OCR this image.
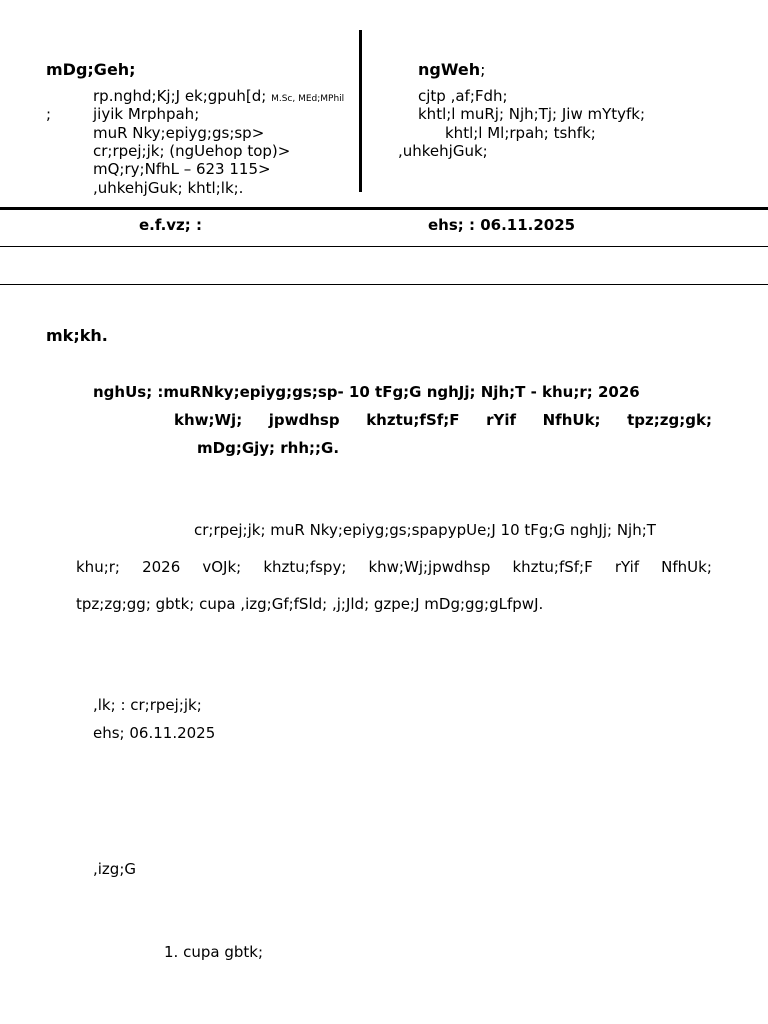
mDg;Geh;
rp.nghd;Kj;J ek;gpuh[d; M.Sc, MEd;MPhil
;	jiyik Mrphpah;
muR Nky;epiyg;gs;sp>
cr;rpej;jk; (ngUehop top)>
mQ;ry;NfhL – 623 115>
,uhkehjGuk; khtl;lk;.
ngWeh;
cjtp ,af;Fdh;
khtl;l muRj; Njh;Tj; Jiw mYtyfk;
khtl;l Ml;rpah; tshfk;
,uhkehjGuk;
e.f.vz; :	ehs; : 06.11.2025
mk;kh.
nghUs; :muRNky;epiyg;gs;sp- 10 tFg;G nghJj; Njh;T - khu;r; 2026
khw;Wj; jpwdhsp khztu;fSf;F rYif NfhUk; tpz;zg;gk;
mDg;Gjy; rhh;;G.
cr;rpej;jk; muR Nky;epiyg;gs;spapypUe;J 10 tFg;G nghJj; Njh;T
khu;r; 2026 vOJk; khztu;fspy; khw;Wj;jpwdhsp khztu;fSf;F rYif NfhUk;
tpz;zg;gg; gbtk; cupa ,izg;Gf;fSld; ,j;Jld; gzpe;J mDg;gg;gLfpwJ.
,lk; : cr;rpej;jk;
ehs; 06.11.2025
,izg;G
1. cupa gbtk;
